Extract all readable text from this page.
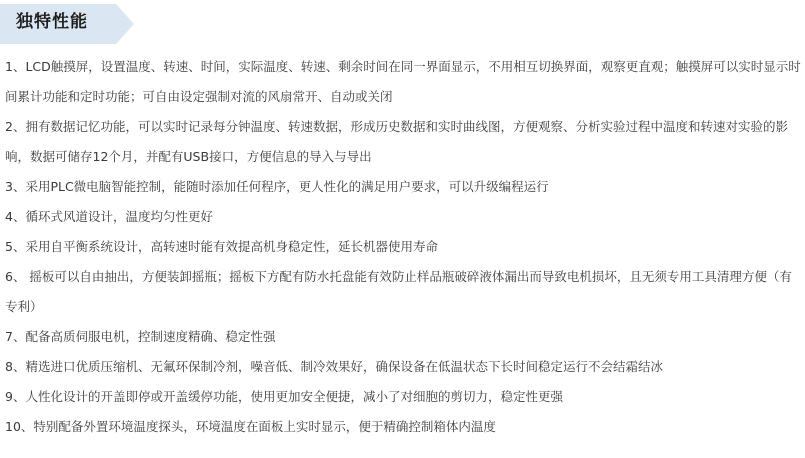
独特性能
1、LCD触摸屏，设置温度、转速、时间，实际温度、转速、剩余时间在同一界面显示，不用相互切换界面，观察更直观；触摸屏可以实时显示时间累计功能和定时功能；可自由设定强制对流的风扇常开、自动或关闭
2、拥有数据记忆功能，可以实时记录每分钟温度、转速数据，形成历史数据和实时曲线图，方便观察、分析实验过程中温度和转速对实验的影响，数据可储存12个月，并配有USB接口，方便信息的导入与导出
3、采用PLC微电脑智能控制，能随时添加任何程序，更人性化的满足用户要求，可以升级编程运行
4、循环式风道设计，温度均匀性更好
5、采用自平衡系统设计，高转速时能有效提高机身稳定性，延长机器使用寿命
6、 摇板可以自由抽出，方便装卸摇瓶；摇板下方配有防水托盘能有效防止样品瓶破碎液体漏出而导致电机损坏，且无须专用工具清理方便（有专利）
7、配备高质伺服电机，控制速度精确、稳定性强
8、精选进口优质压缩机、无氟环保制冷剂，噪音低、制冷效果好，确保设备在低温状态下长时间稳定运行不会结霜结冰
9、人性化设计的开盖即停或开盖缓停功能，使用更加安全便捷，减小了对细胞的剪切力，稳定性更强
10、特别配备外置环境温度探头，环境温度在面板上实时显示，便于精确控制箱体内温度
